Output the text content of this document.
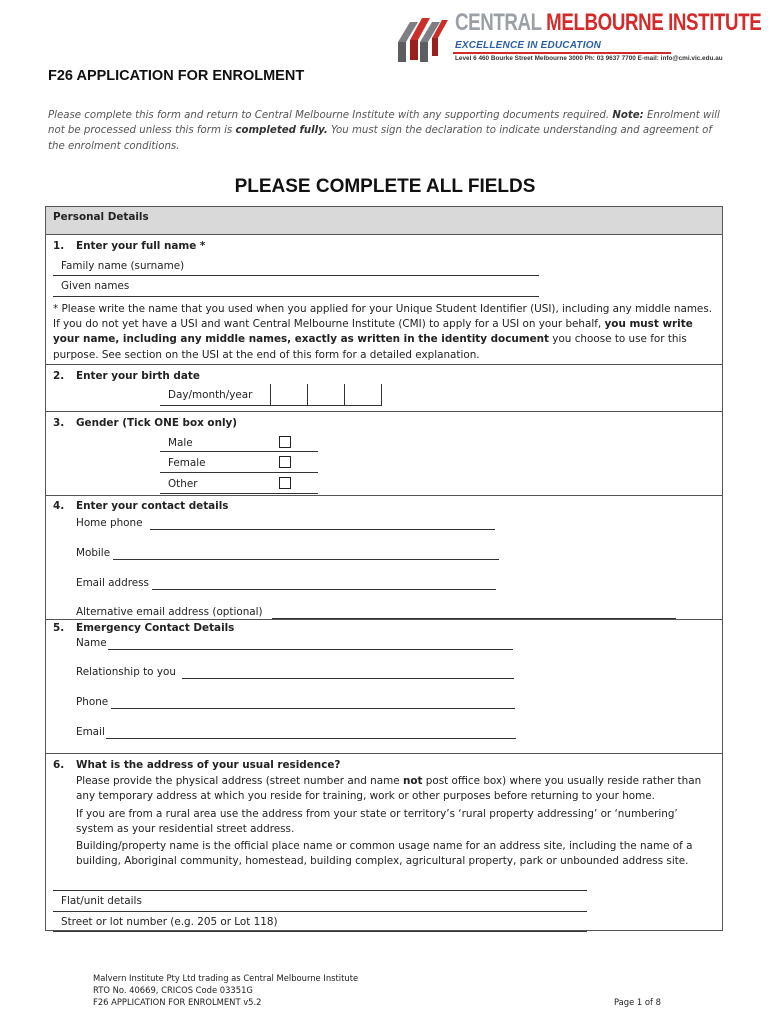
CENTRAL MELBOURNE INSTITUTE
EXCELLENCE IN EDUCATION
Level 6 460 Bourke Street Melbourne 3000 Ph: 03 9637 7700 E-mail: info@cmi.vic.edu.au
F26 APPLICATION FOR ENROLMENT
Please complete this form and return to Central Melbourne Institute with any supporting documents required. Note: Enrolment will not be processed unless this form is completed fully. You must sign the declaration to indicate understanding and agreement of the enrolment conditions.
PLEASE COMPLETE ALL FIELDS
Personal Details
1. Enter your full name *
Family name (surname)
Given names
* Please write the name that you used when you applied for your Unique Student Identifier (USI), including any middle names. If you do not yet have a USI and want Central Melbourne Institute (CMI) to apply for a USI on your behalf, you must write your name, including any middle names, exactly as written in the identity document you choose to use for this purpose. See section on the USI at the end of this form for a detailed explanation.
2. Enter your birth date
Day/month/year
3. Gender (Tick ONE box only)
Male
Female
Other
4. Enter your contact details
Home phone
Mobile
Email address
Alternative email address (optional)
5. Emergency Contact Details
Name
Relationship to you
Phone
Email
6. What is the address of your usual residence?
Please provide the physical address (street number and name not post office box) where you usually reside rather than any temporary address at which you reside for training, work or other purposes before returning to your home.
If you are from a rural area use the address from your state or territory’s ‘rural property addressing’ or ‘numbering’ system as your residential street address.
Building/property name is the official place name or common usage name for an address site, including the name of a building, Aboriginal community, homestead, building complex, agricultural property, park or unbounded address site.
Flat/unit details
Street or lot number (e.g. 205 or Lot 118)
Malvern Institute Pty Ltd trading as Central Melbourne Institute
RTO No. 40669, CRICOS Code 03351G
F26 APPLICATION FOR ENROLMENT v5.2	Page 1 of 8
